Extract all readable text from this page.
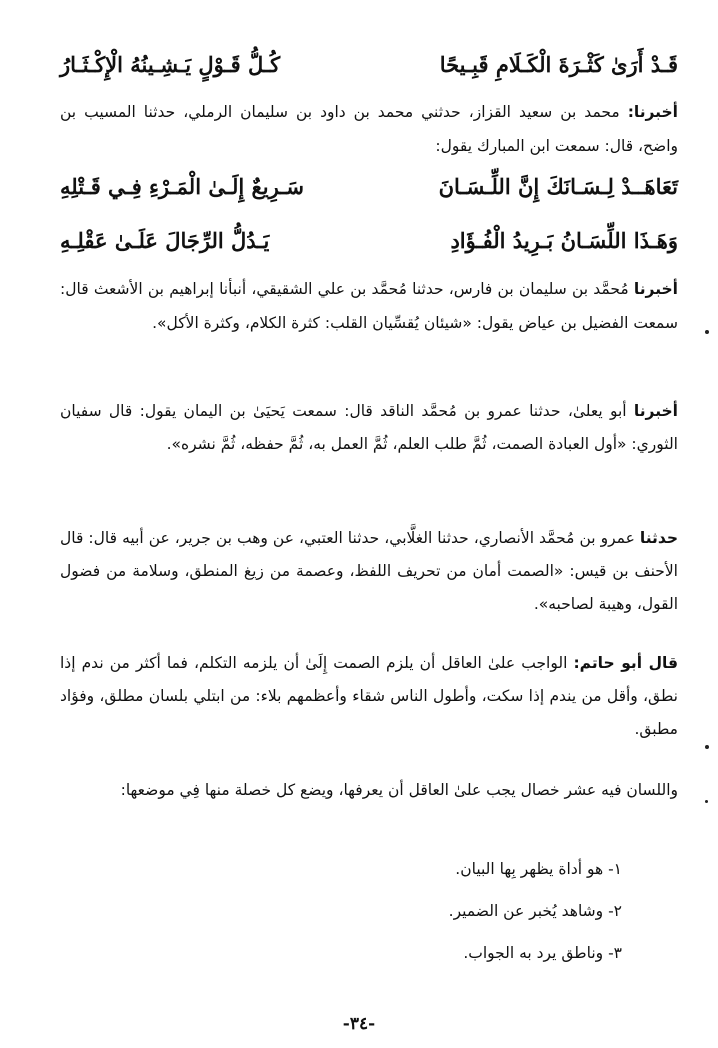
قَـدْ أَرَىٰ كَثْـرَةَ الْكَـلَامِ قَبِـيحًا
كُـلُّ قَـوْلٍ يَـشِـينُهُ الْإِكْـثَـارُ

أخبرنا: محمد بن سعيد القزاز، حدثني محمد بن داود بن سليمان الرملي، حدثنا المسيب بن واضح، قال: سمعت ابن المبارك يقول:

تَعَاهَــدْ لِـسَـانَكَ إِنَّ اللِّـسَـانَ
سَـرِيعٌ إِلَـىٰ الْمَـرْءِ فِـي قَـتْلِهِ
وَهَـذَا اللِّسَـانُ بَـرِيدُ الْفُـؤَادِ
يَـدُلُّ الرِّجَالَ عَلَـىٰ عَقْلِـهِ

أخبرنا مُحمَّد بن سليمان بن فارس، حدثنا مُحمَّد بن علي الشقيقي، أنبأنا إبراهيم بن الأشعث قال: سمعت الفضيل بن عياض يقول: «شيئان يُقسِّيان القلب: كثرة الكلام، وكثرة الأكل».

أخبرنا أبو يعلىٰ، حدثنا عمرو بن مُحمَّد الناقد قال: سمعت يَحيَىٰ بن اليمان يقول: قال سفيان الثوري: «أول العبادة الصمت، ثُمَّ طلب العلم، ثُمَّ العمل به، ثُمَّ حفظه، ثُمَّ نشره».

حدثنا عمرو بن مُحمَّد الأنصاري، حدثنا الغلَّابي، حدثنا العتبي، عن وهب بن جرير، عن أبيه قال: قال الأحنف بن قيس: «الصمت أمان من تحريف اللفظ، وعصمة من زيغ المنطق، وسلامة من فضول القول، وهيبة لصاحبه».

قال أبو حاتم: الواجب علىٰ العاقل أن يلزم الصمت إِلَىٰ أن يلزمه التكلم، فما أكثر من ندم إذا نطق، وأقل من يندم إذا سكت، وأطول الناس شقاء وأعظمهم بلاء: من ابتلي بلسان مطلق، وفؤاد مطبق.

واللسان فيه عشر خصال يجب علىٰ العاقل أن يعرفها، ويضع كل خصلة منها فِي موضعها:

١- هو أداة يظهر بِها البيان.
٢- وشاهد يُخبر عن الضمير.
٣- وناطق يرد به الجواب.
-٣٤-
